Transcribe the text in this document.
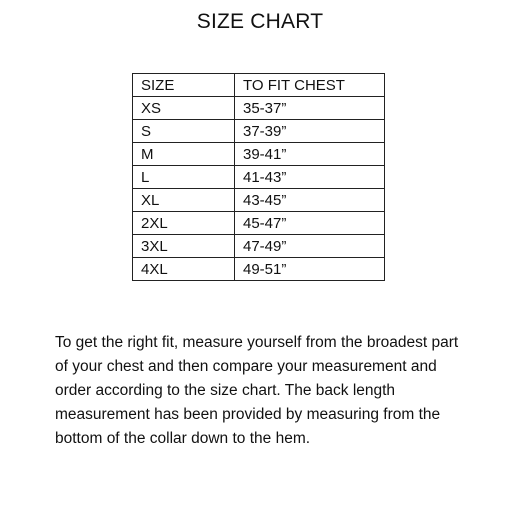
SIZE CHART
SIZE	TO FIT CHEST
XS	35-37”
S	37-39”
M	39-41”
L	41-43”
XL	43-45”
2XL	45-47”
3XL	47-49”
4XL	49-51”

To get the right fit, measure yourself from the broadest part of your chest and then compare your measurement and order according to the size chart. The back length measurement has been provided by measuring from the bottom of the collar down to the hem.
